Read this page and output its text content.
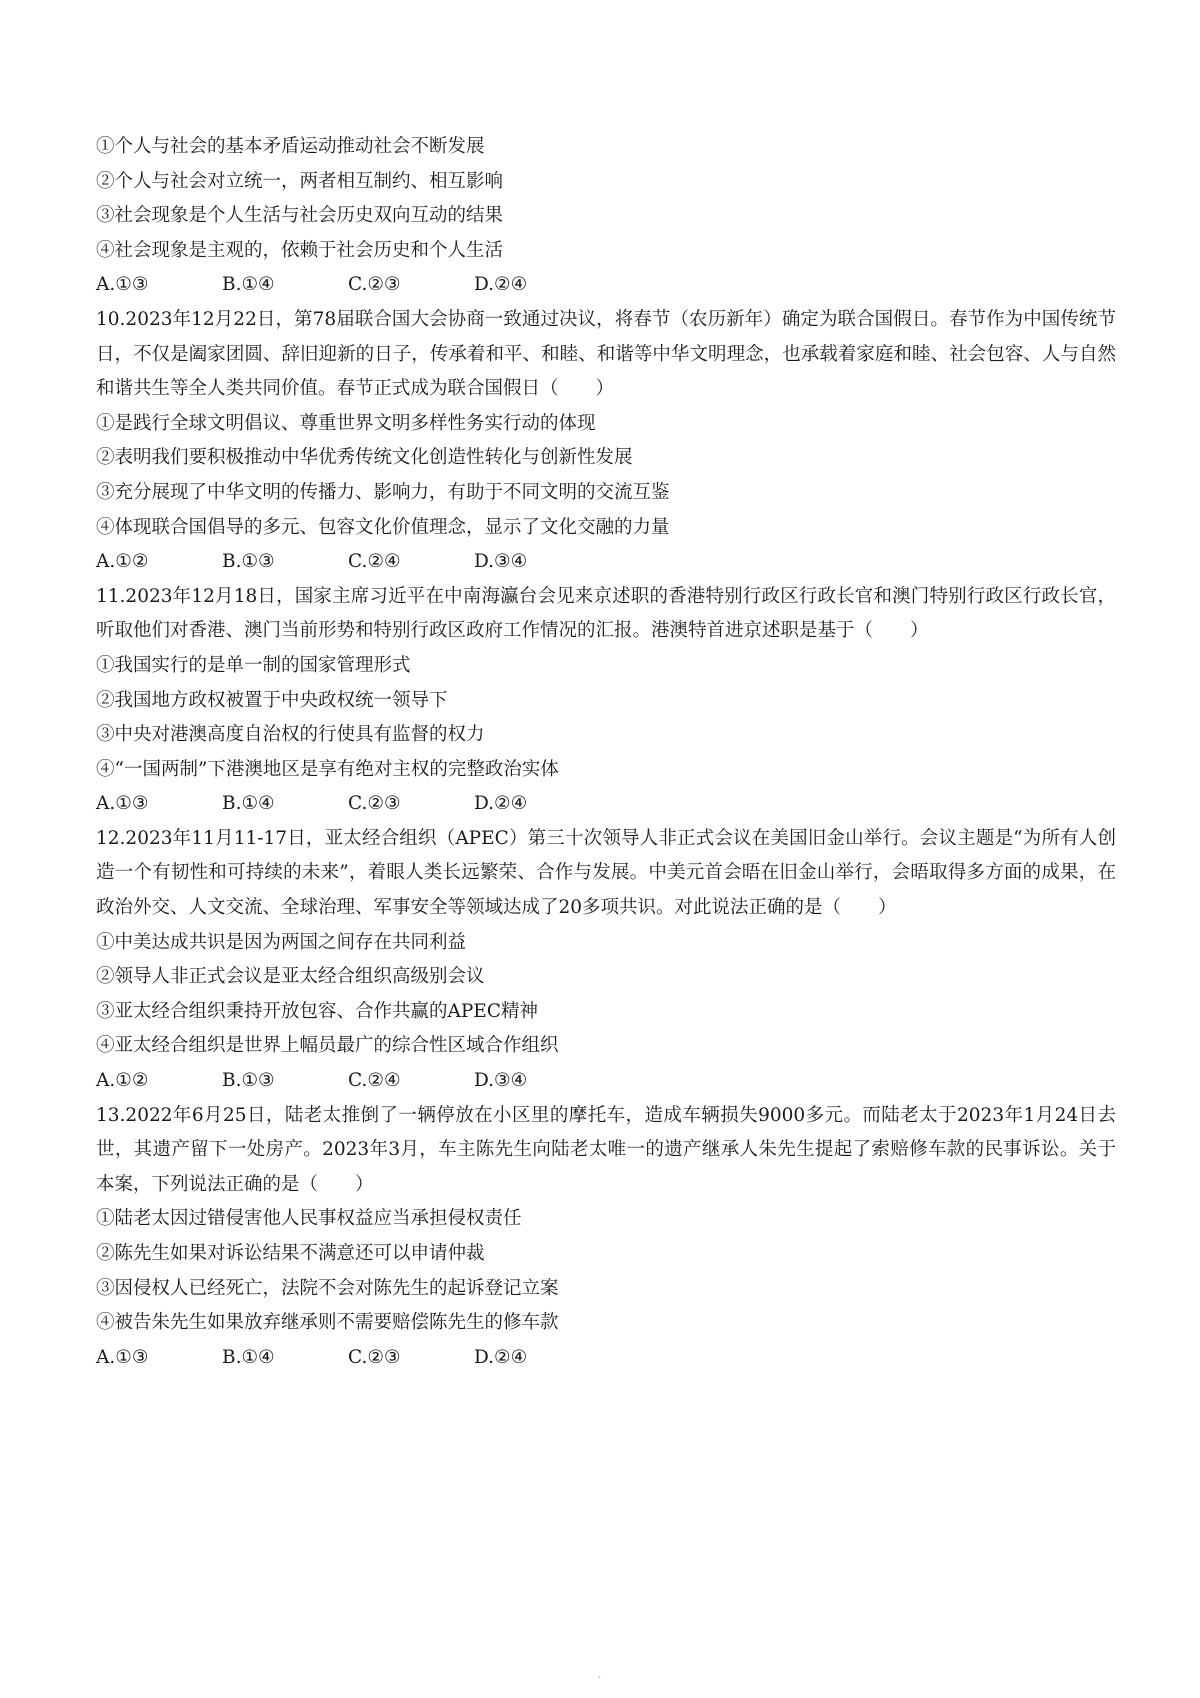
①个人与社会的基本矛盾运动推动社会不断发展
②个人与社会对立统一，两者相互制约、相互影响
③社会现象是个人生活与社会历史双向互动的结果
④社会现象是主观的，依赖于社会历史和个人生活
A.①③	B.①④	C.②③	D.②④
10.2023年12月22日，第78届联合国大会协商一致通过决议，将春节（农历新年）确定为联合国假日。春节作为中国传统节日，不仅是阖家团圆、辞旧迎新的日子，传承着和平、和睦、和谐等中华文明理念，也承载着家庭和睦、社会包容、人与自然和谐共生等全人类共同价值。春节正式成为联合国假日（　　）
①是践行全球文明倡议、尊重世界文明多样性务实行动的体现
②表明我们要积极推动中华优秀传统文化创造性转化与创新性发展
③充分展现了中华文明的传播力、影响力，有助于不同文明的交流互鉴
④体现联合国倡导的多元、包容文化价值理念，显示了文化交融的力量
A.①②	B.①③	C.②④	D.③④
11.2023年12月18日，国家主席习近平在中南海瀛台会见来京述职的香港特别行政区行政长官和澳门特别行政区行政长官，听取他们对香港、澳门当前形势和特别行政区政府工作情况的汇报。港澳特首进京述职是基于（　　）
①我国实行的是单一制的国家管理形式
②我国地方政权被置于中央政权统一领导下
③中央对港澳高度自治权的行使具有监督的权力
④“一国两制”下港澳地区是享有绝对主权的完整政治实体
A.①③	B.①④	C.②③	D.②④
12.2023年11月11-17日，亚太经合组织（APEC）第三十次领导人非正式会议在美国旧金山举行。会议主题是“为所有人创造一个有韧性和可持续的未来”，着眼人类长远繁荣、合作与发展。中美元首会晤在旧金山举行，会晤取得多方面的成果，在政治外交、人文交流、全球治理、军事安全等领域达成了20多项共识。对此说法正确的是（　　）
①中美达成共识是因为两国之间存在共同利益
②领导人非正式会议是亚太经合组织高级别会议
③亚太经合组织秉持开放包容、合作共赢的APEC精神
④亚太经合组织是世界上幅员最广的综合性区域合作组织
A.①②	B.①③	C.②④	D.③④
13.2022年6月25日，陆老太推倒了一辆停放在小区里的摩托车，造成车辆损失9000多元。而陆老太于2023年1月24日去世，其遗产留下一处房产。2023年3月，车主陈先生向陆老太唯一的遗产继承人朱先生提起了索赔修车款的民事诉讼。关于本案，下列说法正确的是（　　）
①陆老太因过错侵害他人民事权益应当承担侵权责任
②陈先生如果对诉讼结果不满意还可以申请仲裁
③因侵权人已经死亡，法院不会对陈先生的起诉登记立案
④被告朱先生如果放弃继承则不需要赔偿陈先生的修车款
A.①③	B.①④	C.②③	D.②④
.
